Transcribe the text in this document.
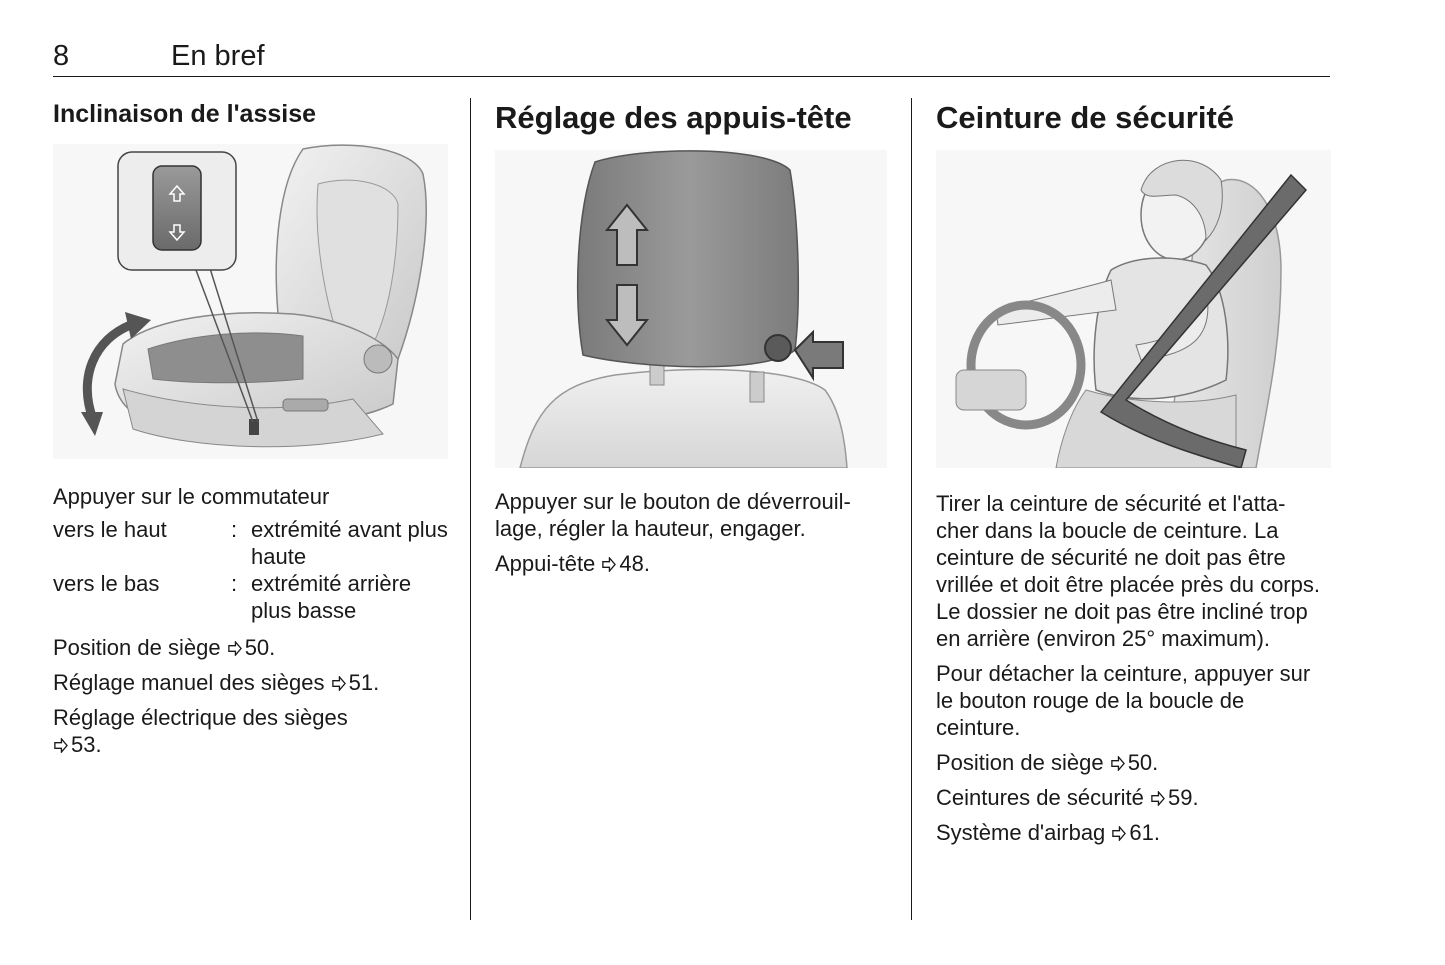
8	En bref
Inclinaison de l'assise

Appuyer sur le commutateur

vers le haut	:	extrémité avant plus haute
vers le bas	:	extrémité arrière plus basse

Position de siège 50.

Réglage manuel des sièges 51.

Réglage électrique des sièges 53.

Réglage des appuis-tête

Appuyer sur le bouton de déverrouil- lage, régler la hauteur, engager.

Appui-tête 48.

Ceinture de sécurité

Tirer la ceinture de sécurité et l'atta- cher dans la boucle de ceinture. La ceinture de sécurité ne doit pas être vrillée et doit être placée près du corps. Le dossier ne doit pas être incliné trop en arrière (environ 25° maximum).

Pour détacher la ceinture, appuyer sur le bouton rouge de la boucle de ceinture.

Position de siège 50.

Ceintures de sécurité 59.

Système d'airbag 61.
